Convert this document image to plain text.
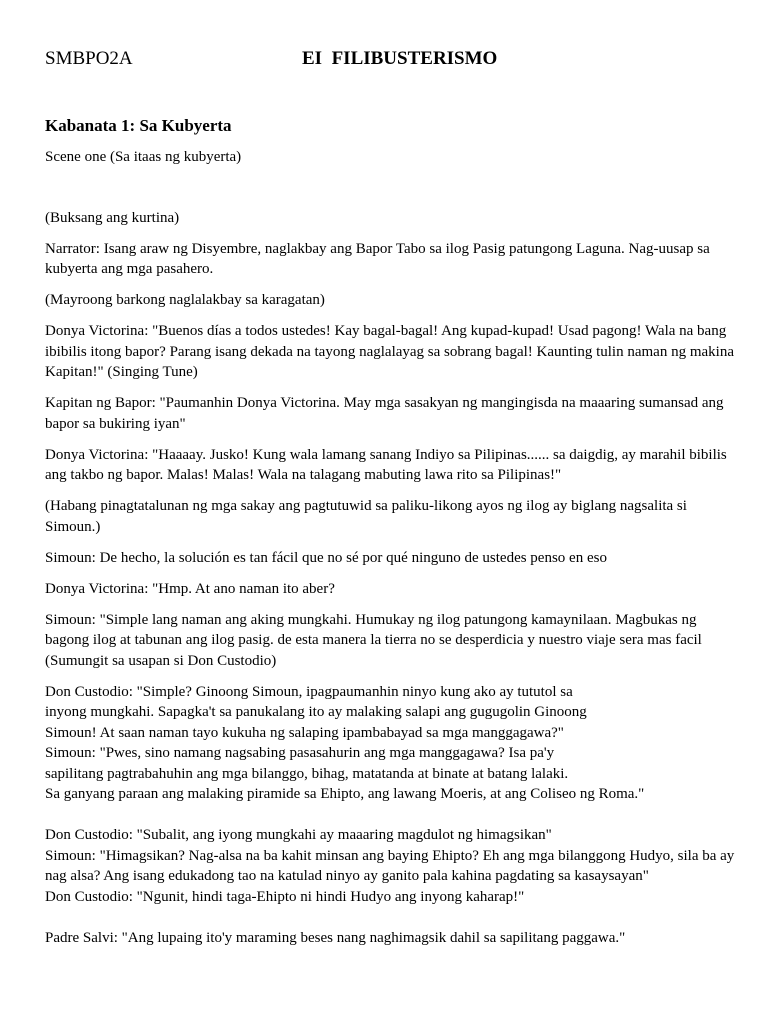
SMBPO2A	EI  FILIBUSTERISMO
Kabanata 1: Sa Kubyerta

Scene one (Sa itaas ng kubyerta)

(Buksang ang kurtina)

Narrator: Isang araw ng Disyembre, naglakbay ang Bapor Tabo sa ilog Pasig patungong Laguna. Nag-uusap sa kubyerta ang mga pasahero.

(Mayroong barkong naglalakbay sa karagatan)

Donya Victorina: "Buenos días a todos ustedes! Kay bagal-bagal! Ang kupad-kupad! Usad pagong! Wala na bang ibibilis itong bapor? Parang isang dekada na tayong naglalayag sa sobrang bagal! Kaunting tulin naman ng makina Kapitan!" (Singing Tune)

Kapitan ng Bapor: "Paumanhin Donya Victorina. May mga sasakyan ng mangingisda na maaaring sumansad ang bapor sa bukiring iyan"

Donya Victorina: "Haaaay. Jusko! Kung wala lamang sanang Indiyo sa Pilipinas...... sa daigdig, ay marahil bibilis ang takbo ng bapor. Malas! Malas! Wala na talagang mabuting lawa rito sa Pilipinas!"

(Habang pinagtatalunan ng mga sakay ang pagtutuwid sa paliku-likong ayos ng ilog ay biglang nagsalita si Simoun.)

Simoun: De hecho, la solución es tan fácil que no sé por qué ninguno de ustedes penso en eso

Donya Victorina: "Hmp. At ano naman ito aber?

Simoun: "Simple lang naman ang aking mungkahi. Humukay ng ilog patungong kamaynilaan. Magbukas ng bagong ilog at tabunan ang ilog pasig. de esta manera la tierra no se desperdicia y nuestro viaje sera mas facil (Sumungit sa usapan si Don Custodio)

Don Custodio: "Simple? Ginoong Simoun, ipagpaumanhin ninyo kung ako ay tututol sa

inyong mungkahi. Sapagka't sa panukalang ito ay malaking salapi ang gugugolin Ginoong

Simoun! At saan naman tayo kukuha ng salaping ipambabayad sa mga manggagawa?"

Simoun: "Pwes, sino namang nagsabing pasasahurin ang mga manggagawa? Isa pa'y

sapilitang pagtrabahuhin ang mga bilanggo, bihag, matatanda at binate at batang lalaki.

Sa ganyang paraan ang malaking piramide sa Ehipto, ang lawang Moeris, at ang Coliseo ng Roma."

Don Custodio: "Subalit, ang iyong mungkahi ay maaaring magdulot ng himagsikan"

Simoun: "Himagsikan? Nag-alsa na ba kahit minsan ang baying Ehipto? Eh ang mga bilanggong Hudyo, sila ba ay nag alsa? Ang isang edukadong tao na katulad ninyo ay ganito pala kahina pagdating sa kasaysayan"

Don Custodio: "Ngunit, hindi taga-Ehipto ni hindi Hudyo ang inyong kaharap!"

Padre Salvi: "Ang lupaing ito'y maraming beses nang naghimagsik dahil sa sapilitang paggawa."
